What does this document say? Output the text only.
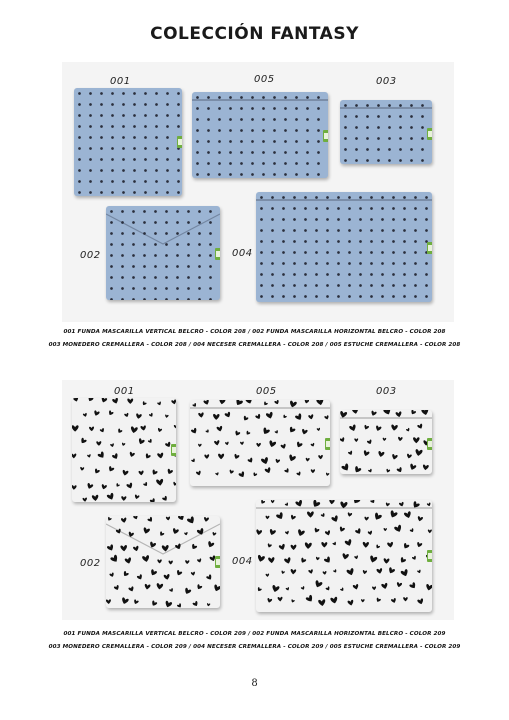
COLECCIÓN FANTASY
001	005	003
002	004
001 FUNDA MASCARILLA VERTICAL BELCRO - COLOR 208 / 002 FUNDA MASCARILLA HORIZONTAL BELCRO - COLOR 208
003 MONEDERO CREMALLERA - COLOR 208 / 004 NECESER CREMALLERA - COLOR 208 / 005 ESTUCHE CREMALLERA - COLOR 208
001	005	003
002	004
001 FUNDA MASCARILLA VERTICAL BELCRO - COLOR 209 / 002 FUNDA MASCARILLA HORIZONTAL BELCRO - COLOR 209
003 MONEDERO CREMALLERA - COLOR 209 / 004 NECESER CREMALLERA - COLOR 209 / 005 ESTUCHE CREMALLERA - COLOR 209
8
